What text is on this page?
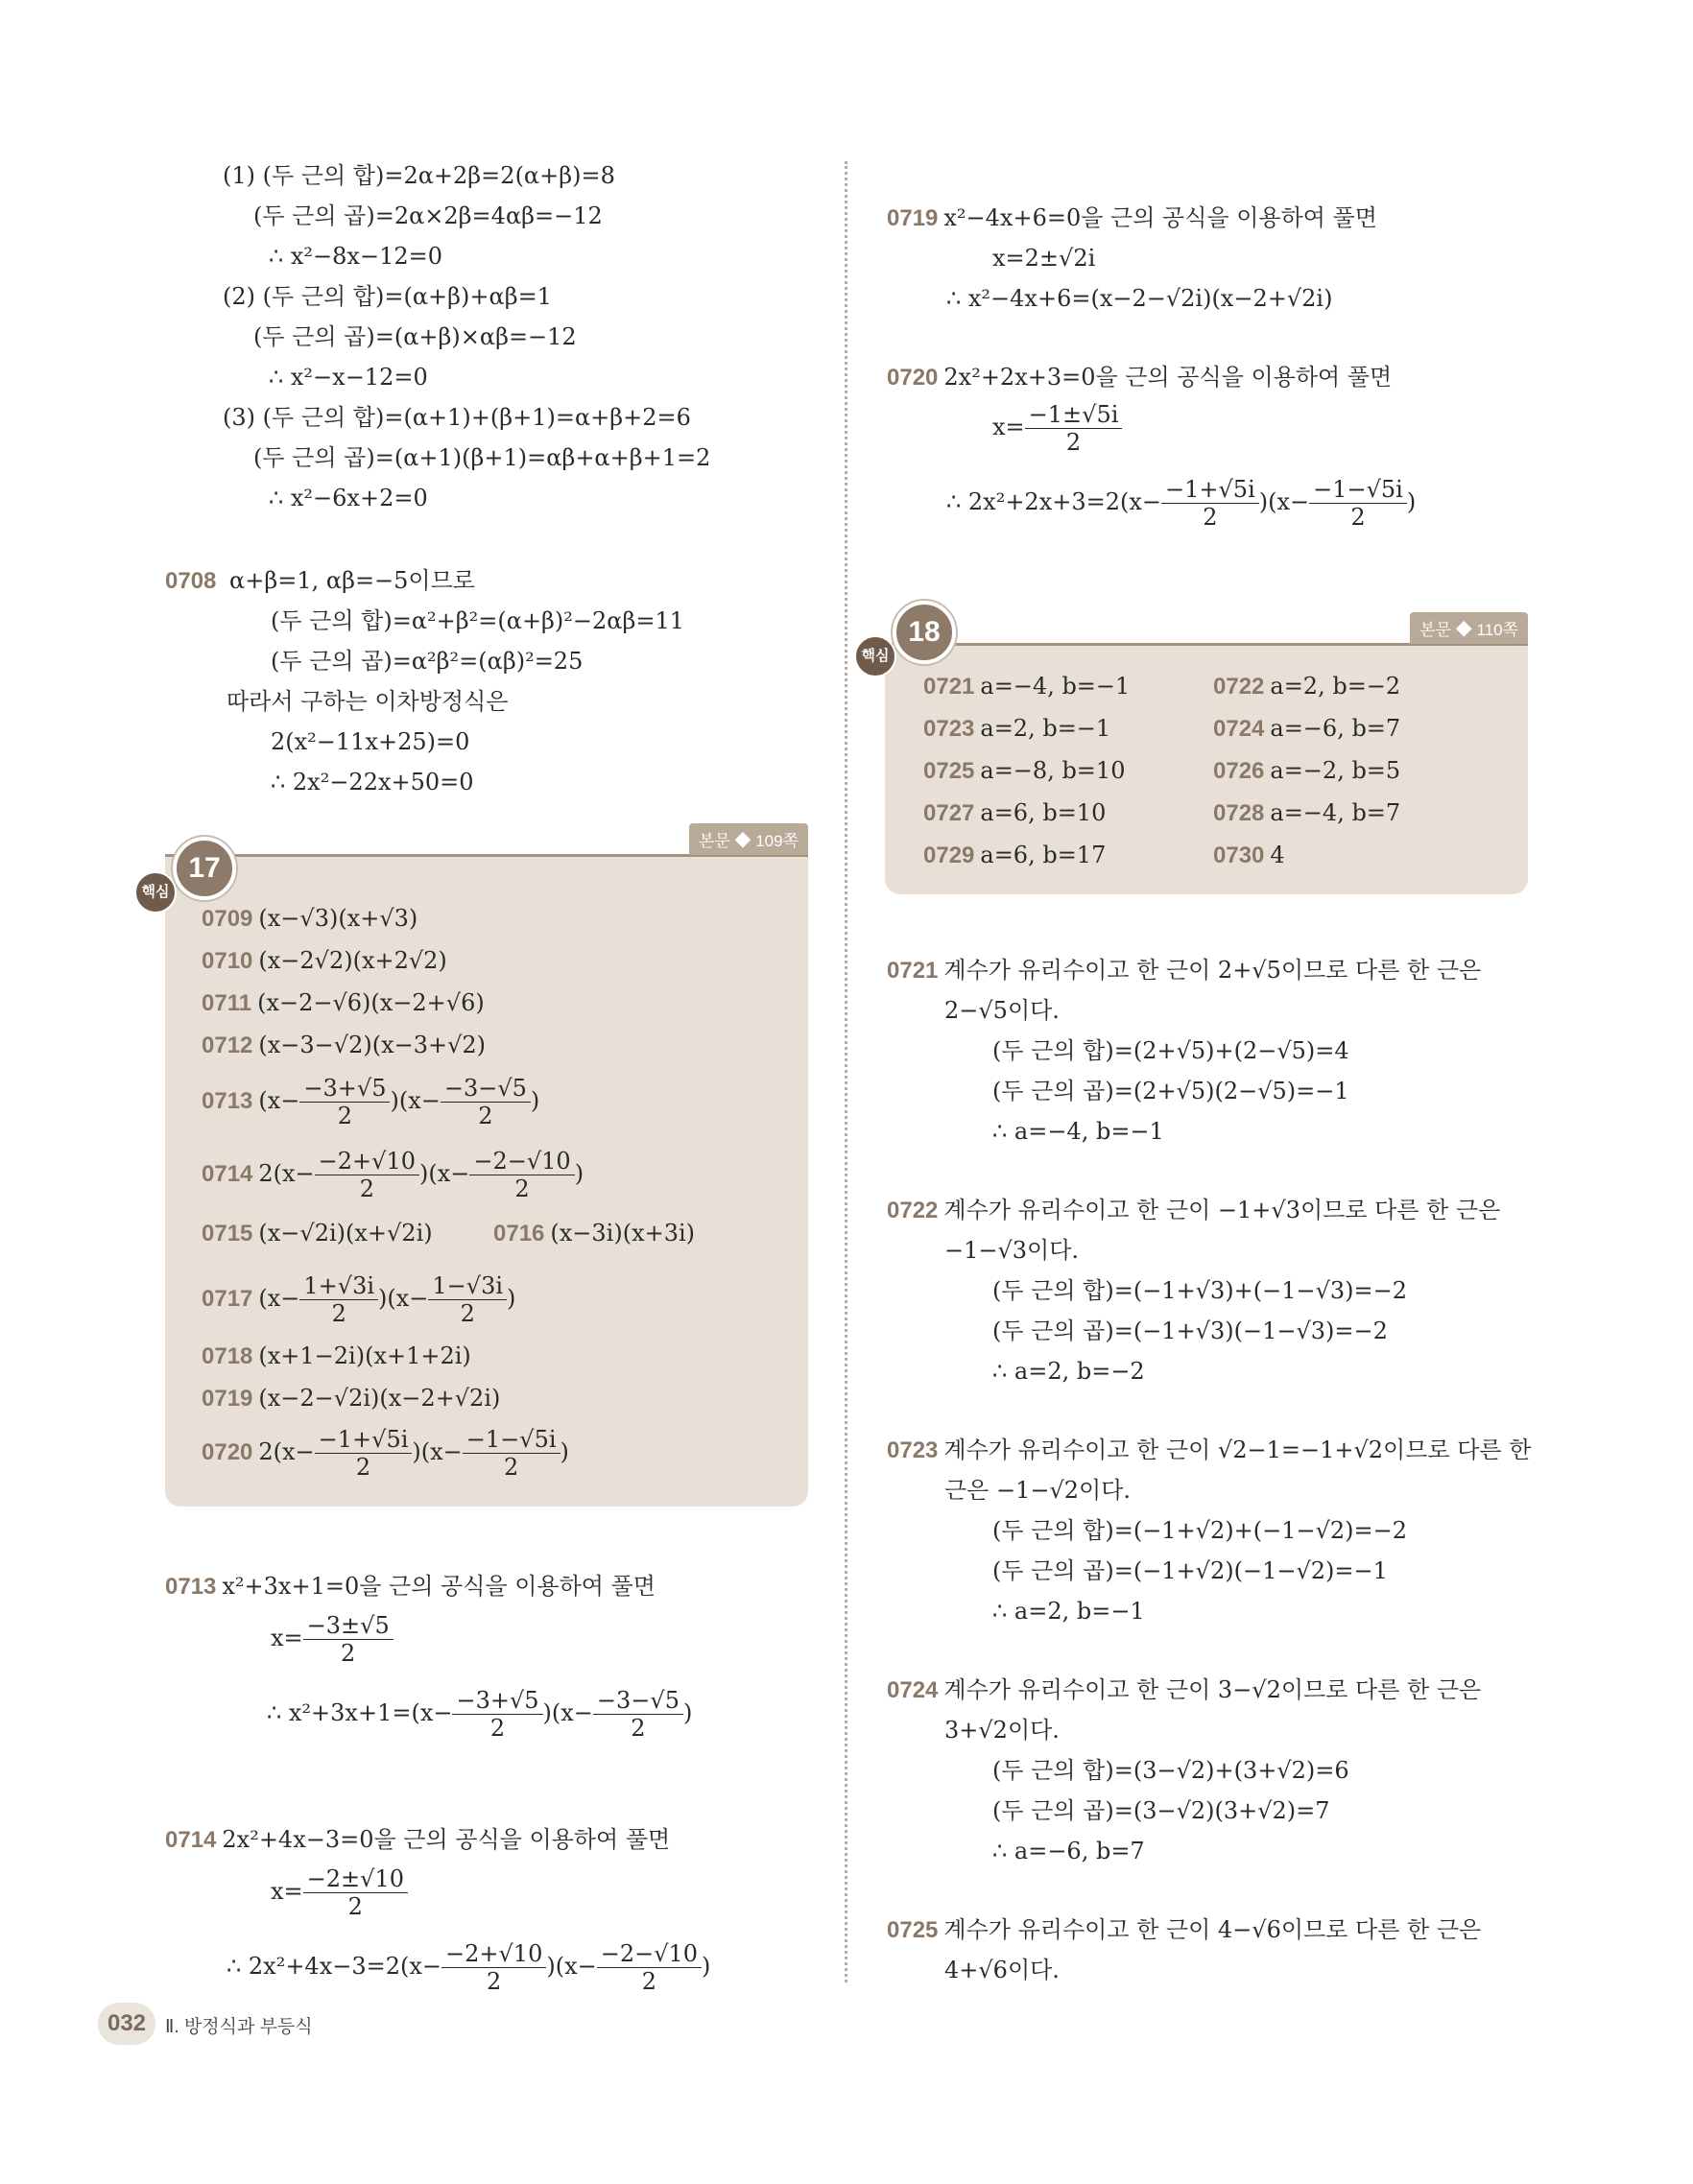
(1) (두 근의 합)=2α+2β=2(α+β)=8
(두 근의 곱)=2α×2β=4αβ=−12
∴ x²−8x−12=0
(2) (두 근의 합)=(α+β)+αβ=1
(두 근의 곱)=(α+β)×αβ=−12
∴ x²−x−12=0
(3) (두 근의 합)=(α+1)+(β+1)=α+β+2=6
(두 근의 곱)=(α+1)(β+1)=αβ+α+β+1=2
∴ x²−6x+2=0
0708 α+β=1, αβ=−5이므로
(두 근의 합)=α²+β²=(α+β)²−2αβ=11
(두 근의 곱)=α²β²=(αβ)²=25
따라서 구하는 이차방정식은
2(x²−11x+25)=0
∴ 2x²−22x+50=0
본문 ◆ 109쪽
0709 (x−√3)(x+√3)
0710 (x−2√2)(x+2√2)
0711 (x−2−√6)(x−2+√6)
0712 (x−3−√2)(x−3+√2)
0713 $(x- \frac{-3+√5}{2} )(x- \frac{-3-√5}{2}$ )
0714 $2(x- \frac{-2+√10}{2} )(x- \frac{-2-√10}{2}$ )
0715 (x−√2i)(x+√2i)	0716 (x−3i)(x+3i)
0717 $(x- \frac{1+√3i}{2} )(x- \frac{1-√3i}{2}$ )
0718 (x+1−2i)(x+1+2i)
0719 (x−2−√2i)(x−2+√2i)
0720 $2(x- \frac{-1+√5i}{2} )(x- \frac{-1-√5i}{2}$ )
17
핵심
0713 x²+3x+1=0을 근의 공식을 이용하여 풀면
$x= \frac{-3\pm√5}{2}$
∴ $x^2+3x+1=(x- \frac{-3+√5}{2} )(x- \frac{-3-√5}{2}$ )
0714 2x²+4x−3=0을 근의 공식을 이용하여 풀면
$x= \frac{-2\pm√10}{2}$
∴ $2x^2+4x-3=2(x- \frac{-2+√10}{2} )(x- \frac{-2-√10}{2}$ )
0719 x²−4x+6=0을 근의 공식을 이용하여 풀면
x=2±√2i
∴ x²−4x+6=(x−2−√2i)(x−2+√2i)
0720 2x²+2x+3=0을 근의 공식을 이용하여 풀면
$x= \frac{-1\pm√5i}{2}$
∴ $2x^2+2x+3=2(x- \frac{-1+√5i}{2} )(x- \frac{-1-√5i}{2}$ )
본문 ◆ 110쪽
0721 a=−4, b=−1	0722 a=2, b=−2
0723 a=2, b=−1	0724 a=−6, b=7
0725 a=−8, b=10	0726 a=−2, b=5
0727 a=6, b=10	0728 a=−4, b=7
0729 a=6, b=17	0730 4
18
핵심
0721 계수가 유리수이고 한 근이 2+√5이므로 다른 한 근은
2−√5이다.
(두 근의 합)=(2+√5)+(2−√5)=4
(두 근의 곱)=(2+√5)(2−√5)=−1
∴ a=−4, b=−1
0722 계수가 유리수이고 한 근이 −1+√3이므로 다른 한 근은
−1−√3이다.
(두 근의 합)=(−1+√3)+(−1−√3)=−2
(두 근의 곱)=(−1+√3)(−1−√3)=−2
∴ a=2, b=−2
0723 계수가 유리수이고 한 근이 √2−1=−1+√2이므로 다른 한
근은 −1−√2이다.
(두 근의 합)=(−1+√2)+(−1−√2)=−2
(두 근의 곱)=(−1+√2)(−1−√2)=−1
∴ a=2, b=−1
0724 계수가 유리수이고 한 근이 3−√2이므로 다른 한 근은
3+√2이다.
(두 근의 합)=(3−√2)+(3+√2)=6
(두 근의 곱)=(3−√2)(3+√2)=7
∴ a=−6, b=7
0725 계수가 유리수이고 한 근이 4−√6이므로 다른 한 근은
4+√6이다.
032	Ⅱ. 방정식과 부등식
